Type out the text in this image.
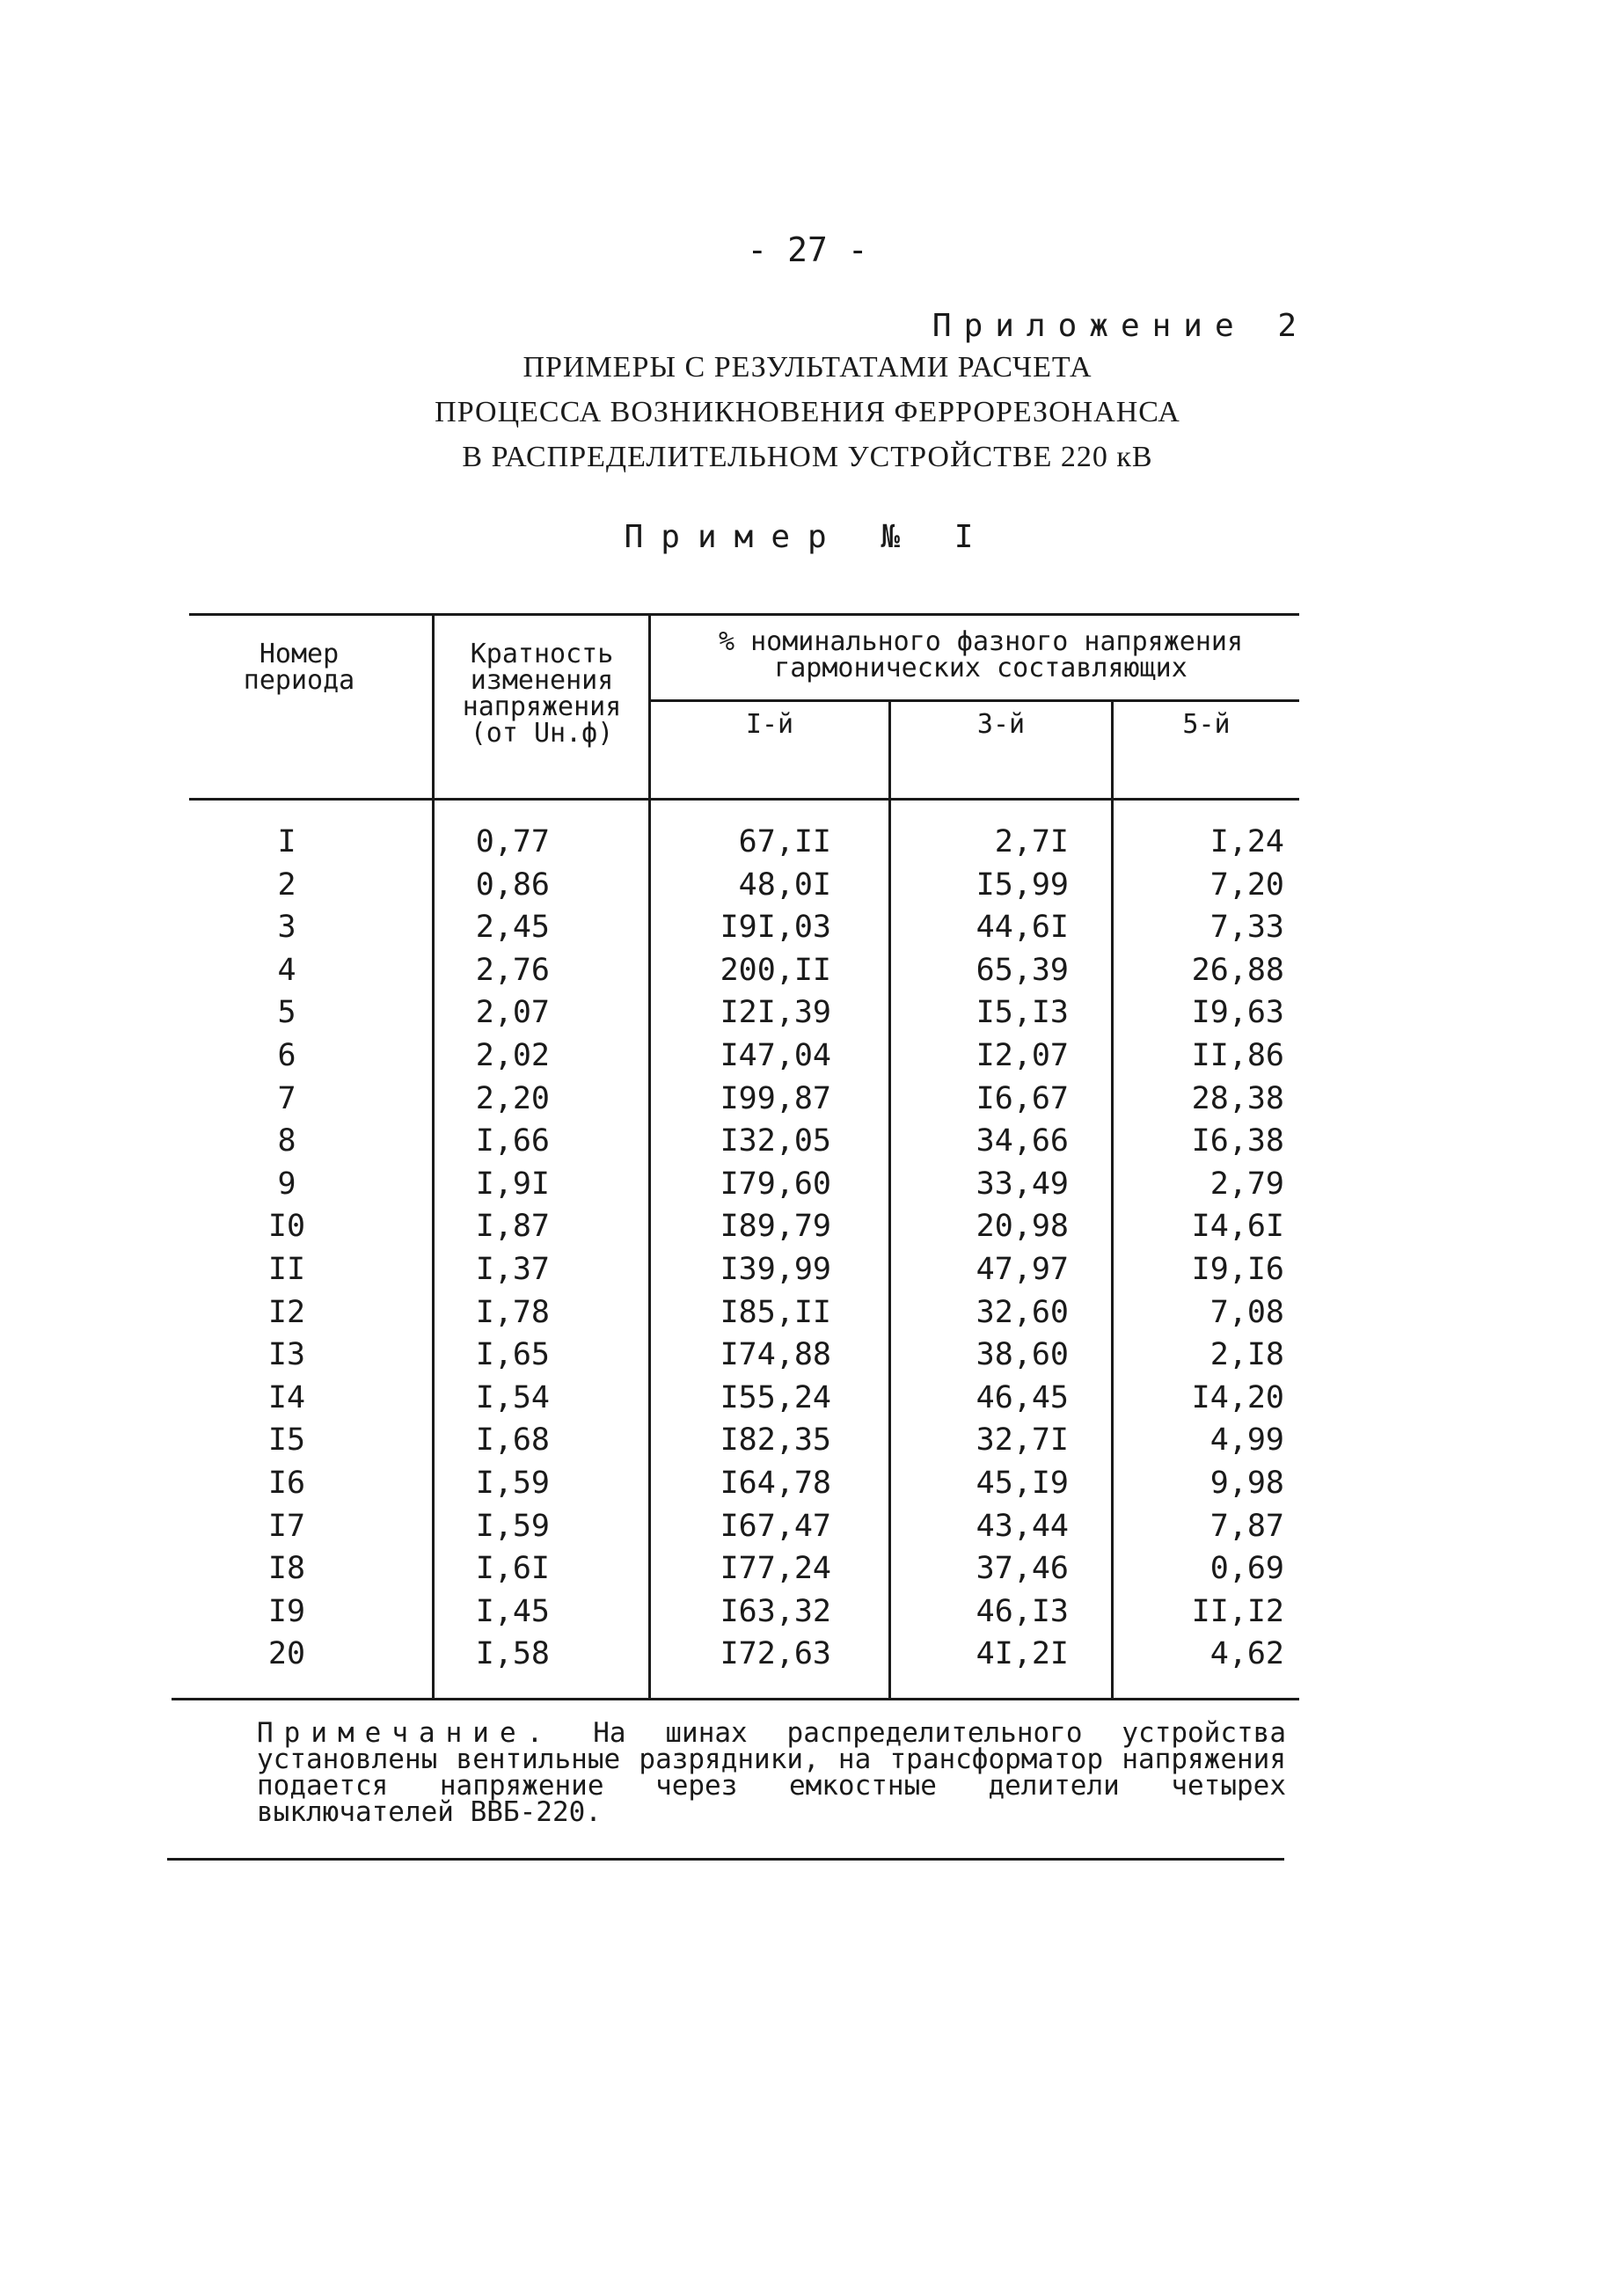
- 27 -
Приложение 2
ПРИМЕРЫ С РЕЗУЛЬТАТАМИ РАСЧЕТА
ПРОЦЕССА ВОЗНИКНОВЕНИЯ ФЕРРОРЕЗОНАНСА
В РАСПРЕДЕЛИТЕЛЬНОМ УСТРОЙСТВЕ 220 кВ
Пример № I
Номер периода
Кратность изменения напряжения (от Uн.ф)
% номинального фазного напряжения гармонических составляющих
I-й	3-й	5-й
I	0,77	67,II	2,7I	I,24
2	0,86	48,0I	I5,99	7,20
3	2,45	I9I,03	44,6I	7,33
4	2,76	200,II	65,39	26,88
5	2,07	I2I,39	I5,I3	I9,63
6	2,02	I47,04	I2,07	II,86
7	2,20	I99,87	I6,67	28,38
8	I,66	I32,05	34,66	I6,38
9	I,9I	I79,60	33,49	2,79
I0	I,87	I89,79	20,98	I4,6I
II	I,37	I39,99	47,97	I9,I6
I2	I,78	I85,II	32,60	7,08
I3	I,65	I74,88	38,60	2,I8
I4	I,54	I55,24	46,45	I4,20
I5	I,68	I82,35	32,7I	4,99
I6	I,59	I64,78	45,I9	9,98
I7	I,59	I67,47	43,44	7,87
I8	I,6I	I77,24	37,46	0,69
I9	I,45	I63,32	46,I3	II,I2
20	I,58	I72,63	4I,2I	4,62
Примечание. На шинах распределительного устройства установлены вентильные разрядники, на трансформатор напряжения подается напряжение через емкостные делители четырех выключателей ВВБ-220.
